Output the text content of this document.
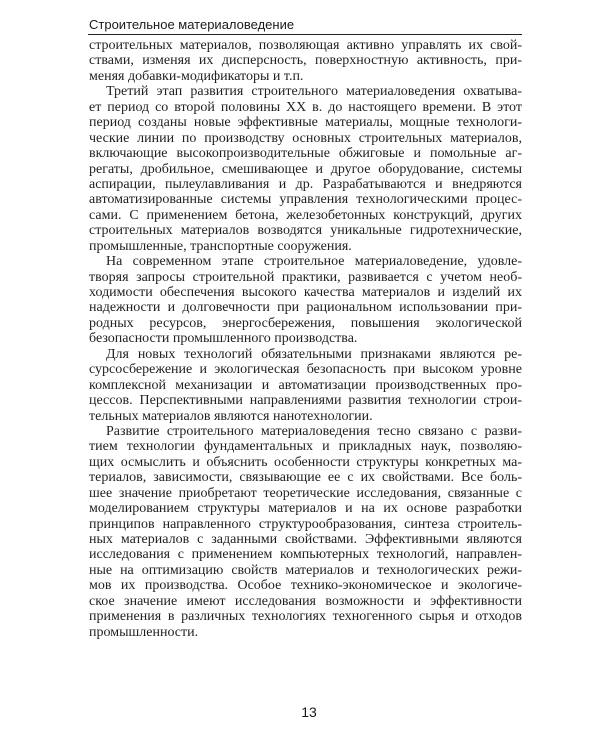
Строительное материаловедение
строительных материалов, позволяющая активно управлять их свой-
ствами, изменяя их дисперсность, поверхностную активность, при-
меняя добавки-модификаторы и т.п.
Третий этап развития строительного материаловедения охватыва-
ет период со второй половины XX в. до настоящего времени. В этот
период созданы новые эффективные материалы, мощные технологи-
ческие линии по производству основных строительных материалов,
включающие высокопроизводительные обжиговые и помольные аг-
регаты, дробильное, смешивающее и другое оборудование, системы
аспирации, пылеулавливания и др. Разрабатываются и внедряются
автоматизированные системы управления технологическими процес-
сами. С применением бетона, железобетонных конструкций, других
строительных материалов возводятся уникальные гидротехнические,
промышленные, транспортные сооружения.
На современном этапе строительное материаловедение, удовле-
творяя запросы строительной практики, развивается с учетом необ-
ходимости обеспечения высокого качества материалов и изделий их
надежности и долговечности при рациональном использовании при-
родных ресурсов, энергосбережения, повышения экологической
безопасности промышленного производства.
Для новых технологий обязательными признаками являются ре-
сурсосбережение и экологическая безопасность при высоком уровне
комплексной механизации и автоматизации производственных про-
цессов. Перспективными направлениями развития технологии строи-
тельных материалов являются нанотехнологии.
Развитие строительного материаловедения тесно связано с разви-
тием технологии фундаментальных и прикладных наук, позволяю-
щих осмыслить и объяснить особенности структуры конкретных ма-
териалов, зависимости, связывающие ее с их свойствами. Все боль-
шее значение приобретают теоретические исследования, связанные с
моделированием структуры материалов и на их основе разработки
принципов направленного структурообразования, синтеза строитель-
ных материалов с заданными свойствами. Эффективными являются
исследования с применением компьютерных технологий, направлен-
ные на оптимизацию свойств материалов и технологических режи-
мов их производства. Особое технико-экономическое и экологиче-
ское значение имеют исследования возможности и эффективности
применения в различных технологиях техногенного сырья и отходов
промышленности.
13
